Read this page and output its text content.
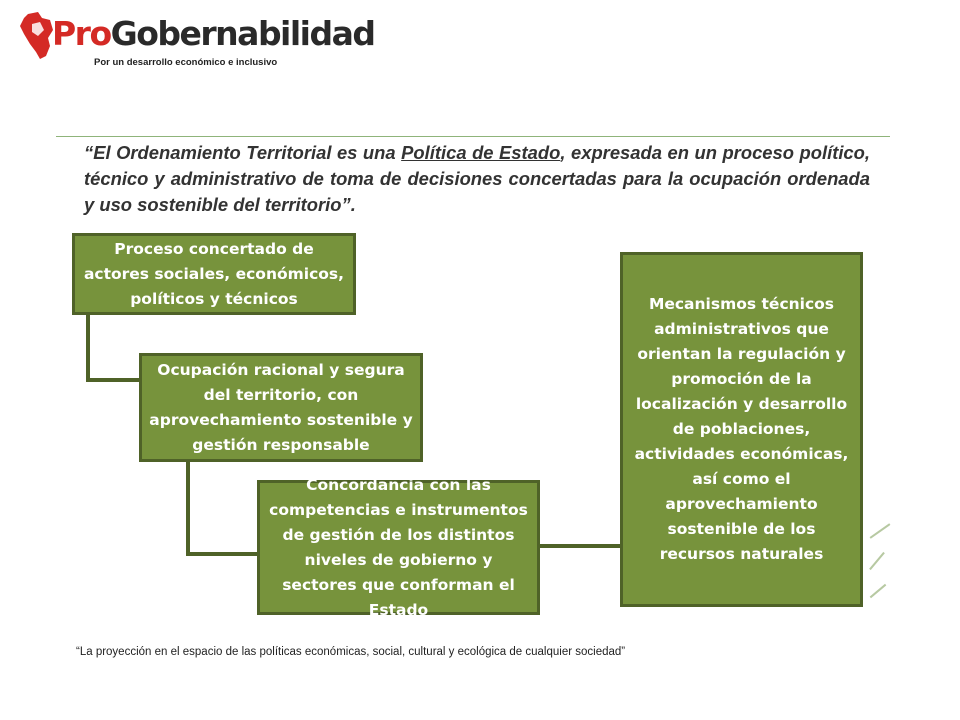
ProGobernabilidad
Por un desarrollo económico e inclusivo
“El Ordenamiento Territorial es una Política de Estado, expresada en un proceso político, técnico y administrativo de toma de decisiones concertadas para la ocupación ordenada y uso sostenible del territorio”.
Proceso concertado de actores sociales, económicos, políticos y técnicos
Ocupación racional y segura del territorio, con aprovechamiento sostenible y gestión responsable
Concordancia con las competencias e instrumentos de gestión de los distintos niveles de gobierno y sectores que conforman el Estado
Mecanismos técnicos administrativos que orientan la regulación y promoción de la localización y desarrollo de poblaciones, actividades económicas, así como el aprovechamiento sostenible de los recursos naturales
“La proyección en el espacio de las políticas económicas, social, cultural y ecológica de cualquier sociedad”
